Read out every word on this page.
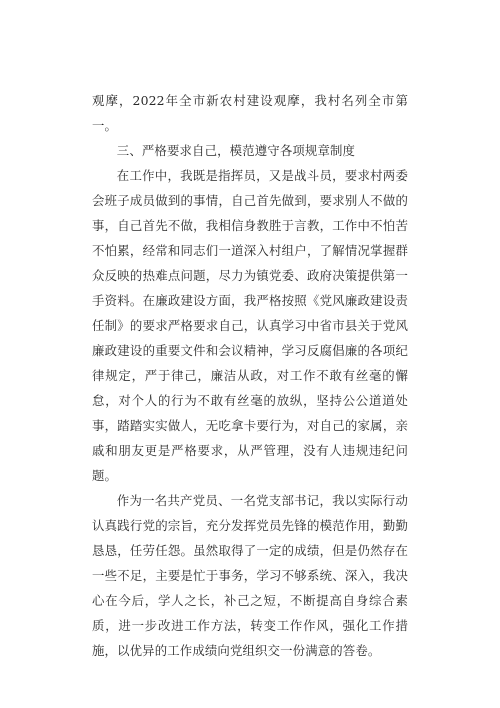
观摩，2022年全市新农村建设观摩，我村名列全市第一。

三、严格要求自己，模范遵守各项规章制度

在工作中，我既是指挥员，又是战斗员，要求村两委会班子成员做到的事情，自己首先做到，要求别人不做的事，自己首先不做，我相信身教胜于言教，工作中不怕苦不怕累，经常和同志们一道深入村组户，了解情况掌握群众反映的热难点问题，尽力为镇党委、政府决策提供第一手资料。在廉政建设方面，我严格按照《党风廉政建设责任制》的要求严格要求自己，认真学习中省市县关于党风廉政建设的重要文件和会议精神，学习反腐倡廉的各项纪律规定，严于律己，廉洁从政，对工作不敢有丝毫的懈怠，对个人的行为不敢有丝毫的放纵，坚持公公道道处事，踏踏实实做人，无吃拿卡要行为，对自己的家属，亲戚和朋友更是严格要求，从严管理，没有人违规违纪问题。

作为一名共产党员、一名党支部书记，我以实际行动认真践行党的宗旨，充分发挥党员先锋的模范作用，勤勤恳恳，任劳任怨。虽然取得了一定的成绩，但是仍然存在一些不足，主要是忙于事务，学习不够系统、深入，我决心在今后，学人之长，补己之短，不断提高自身综合素质，进一步改进工作方法，转变工作作风，强化工作措施，以优异的工作成绩向党组织交一份满意的答卷。
